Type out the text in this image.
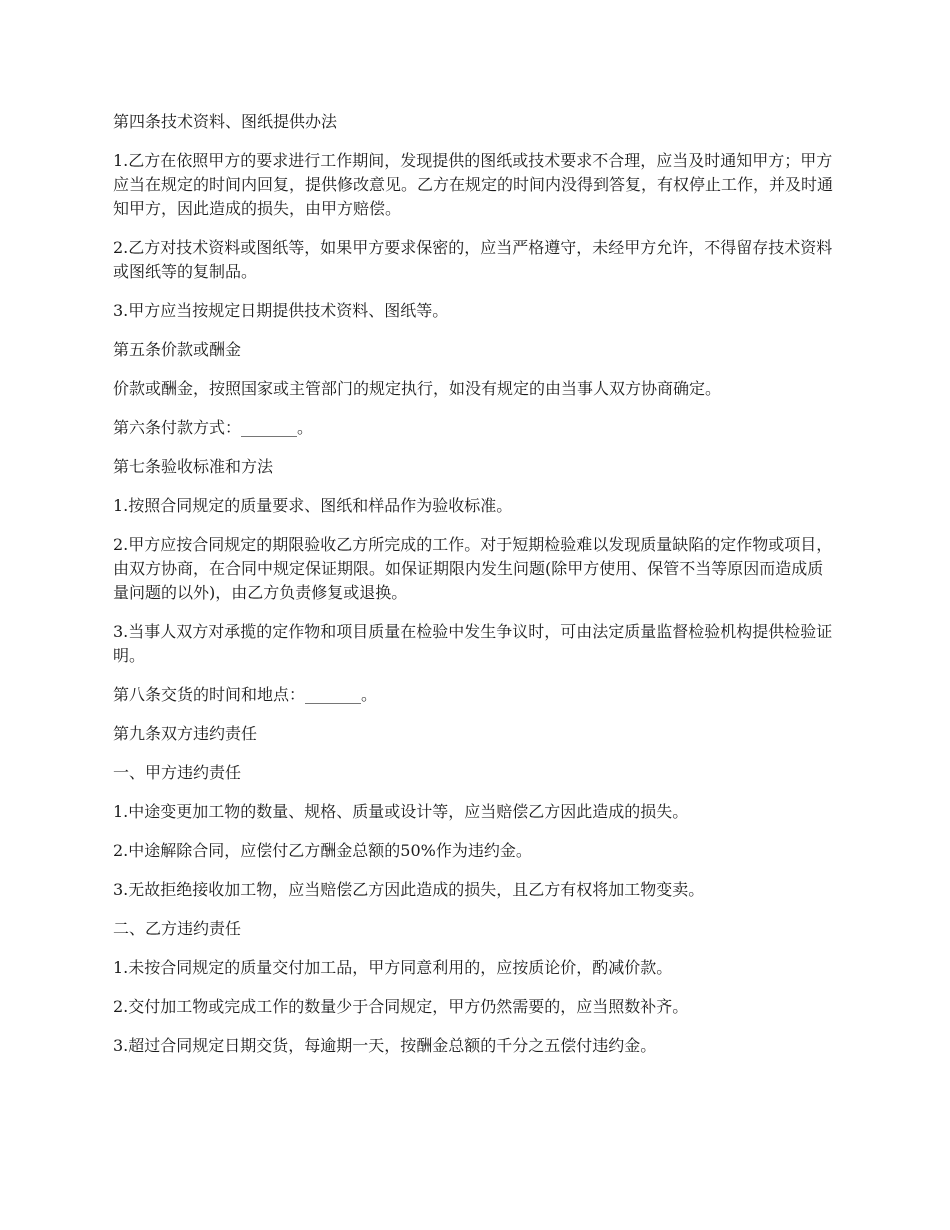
第四条技术资料、图纸提供办法

1.乙方在依照甲方的要求进行工作期间，发现提供的图纸或技术要求不合理，应当及时通知甲方；甲方应当在规定的时间内回复，提供修改意见。乙方在规定的时间内没得到答复，有权停止工作，并及时通知甲方，因此造成的损失，由甲方赔偿。

2.乙方对技术资料或图纸等，如果甲方要求保密的，应当严格遵守，未经甲方允许，不得留存技术资料或图纸等的复制品。

3.甲方应当按规定日期提供技术资料、图纸等。

第五条价款或酬金

价款或酬金，按照国家或主管部门的规定执行，如没有规定的由当事人双方协商确定。

第六条付款方式：_______。

第七条验收标准和方法

1.按照合同规定的质量要求、图纸和样品作为验收标准。

2.甲方应按合同规定的期限验收乙方所完成的工作。对于短期检验难以发现质量缺陷的定作物或项目，由双方协商，在合同中规定保证期限。如保证期限内发生问题(除甲方使用、保管不当等原因而造成质量问题的以外)，由乙方负责修复或退换。

3.当事人双方对承揽的定作物和项目质量在检验中发生争议时，可由法定质量监督检验机构提供检验证明。

第八条交货的时间和地点：_______。

第九条双方违约责任

一、甲方违约责任

1.中途变更加工物的数量、规格、质量或设计等，应当赔偿乙方因此造成的损失。

2.中途解除合同，应偿付乙方酬金总额的50%作为违约金。

3.无故拒绝接收加工物，应当赔偿乙方因此造成的损失，且乙方有权将加工物变卖。

二、乙方违约责任

1.未按合同规定的质量交付加工品，甲方同意利用的，应按质论价，酌减价款。

2.交付加工物或完成工作的数量少于合同规定，甲方仍然需要的，应当照数补齐。

3.超过合同规定日期交货，每逾期一天，按酬金总额的千分之五偿付违约金。
